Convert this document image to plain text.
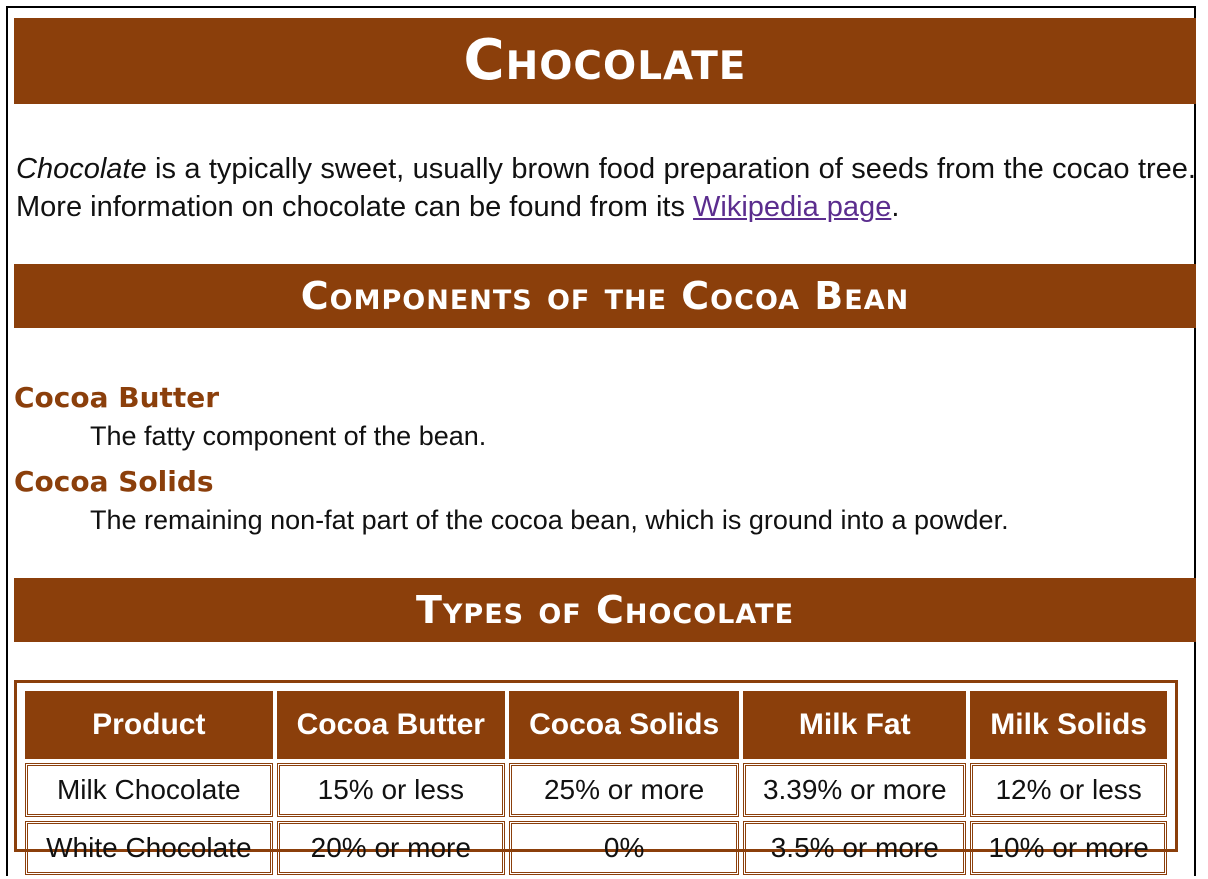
Chocolate

Chocolate is a typically sweet, usually brown food preparation of seeds from the cocao tree. More information on chocolate can be found from its Wikipedia page.

Components of the Cocoa Bean
Cocoa Butter
The fatty component of the bean.
Cocoa Solids
The remaining non-fat part of the cocoa bean, which is ground into a powder.
Types of Chocolate
Product	Cocoa Butter	Cocoa Solids	Milk Fat	Milk Solids
Milk Chocolate	15% or less	25% or more	3.39% or more	12% or less
White Chocolate	20% or more	0%	3.5% or more	10% or more
